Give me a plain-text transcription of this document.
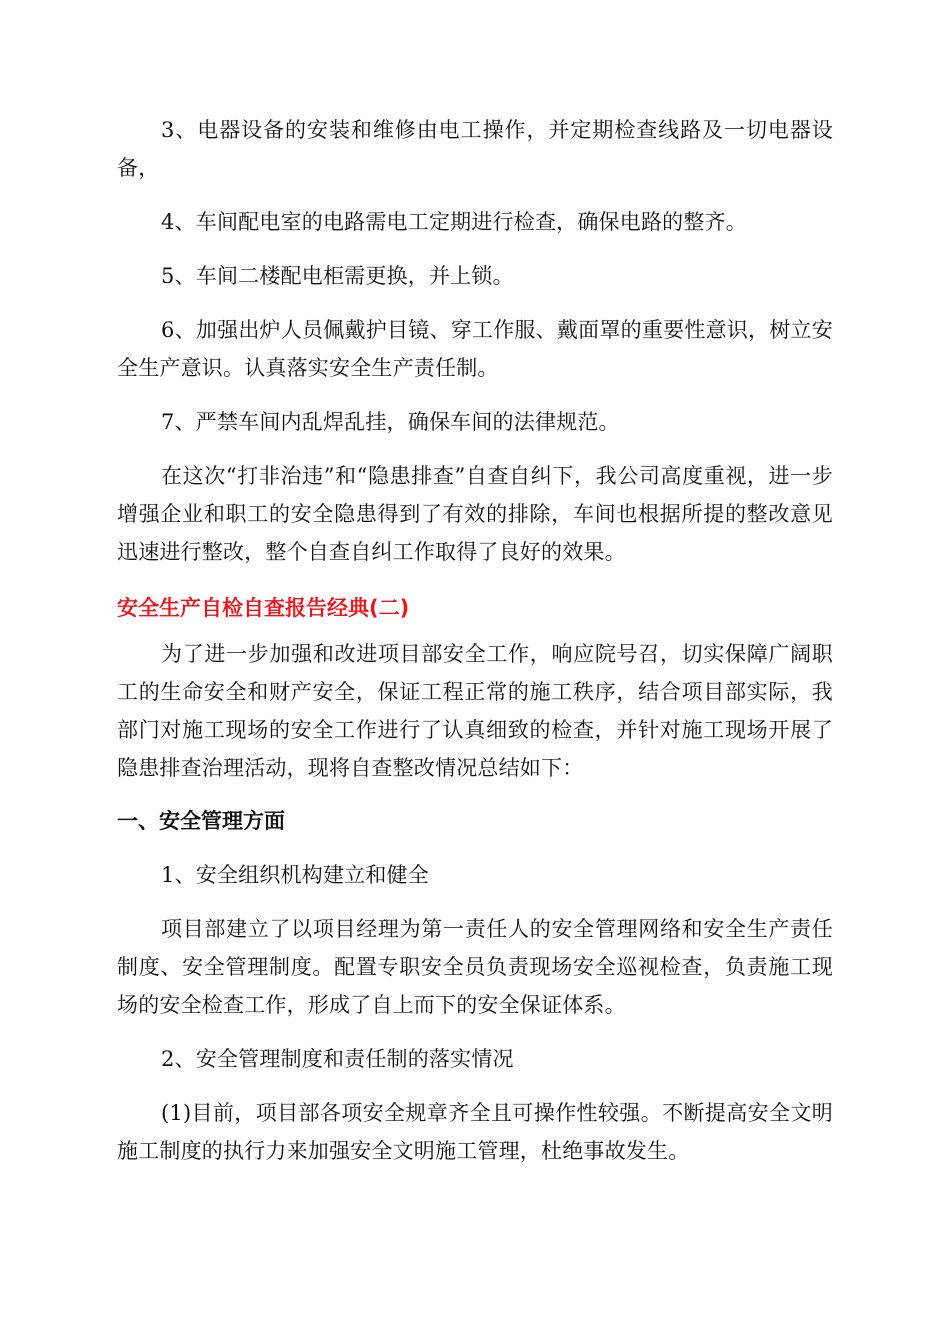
3、电器设备的安装和维修由电工操作，并定期检查线路及一切电器设备，

4、车间配电室的电路需电工定期进行检查，确保电路的整齐。

5、车间二楼配电柜需更换，并上锁。

6、加强出炉人员佩戴护目镜、穿工作服、戴面罩的重要性意识，树立安全生产意识。认真落实安全生产责任制。

7、严禁车间内乱焊乱挂，确保车间的法律规范。

在这次“打非治违”和“隐患排查”自查自纠下，我公司高度重视，进一步增强企业和职工的安全隐患得到了有效的排除，车间也根据所提的整改意见迅速进行整改，整个自查自纠工作取得了良好的效果。

安全生产自检自查报告经典(二)

为了进一步加强和改进项目部安全工作，响应院号召，切实保障广阔职工的生命安全和财产安全，保证工程正常的施工秩序，结合项目部实际，我部门对施工现场的安全工作进行了认真细致的检查，并针对施工现场开展了隐患排查治理活动，现将自查整改情况总结如下：

一、安全管理方面

1、安全组织机构建立和健全

项目部建立了以项目经理为第一责任人的安全管理网络和安全生产责任制度、安全管理制度。配置专职安全员负责现场安全巡视检查，负责施工现场的安全检查工作，形成了自上而下的安全保证体系。

2、安全管理制度和责任制的落实情况

(1)目前，项目部各项安全规章齐全且可操作性较强。不断提高安全文明施工制度的执行力来加强安全文明施工管理，杜绝事故发生。
